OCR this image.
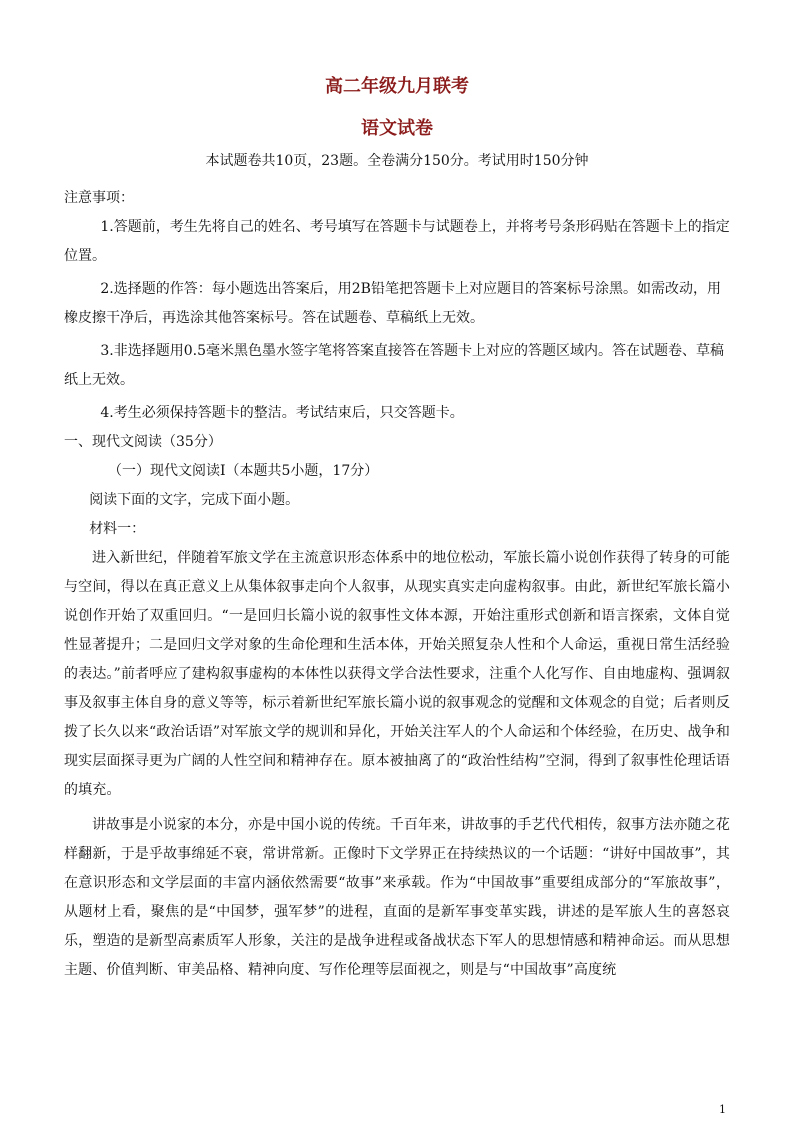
高二年级九月联考
语文试卷
本试题卷共10页，23题。全卷满分150分。考试用时150分钟

注意事项：

1.答题前，考生先将自己的姓名、考号填写在答题卡与试题卷上，并将考号条形码贴在答题卡上的指定位置。

2.选择题的作答：每小题选出答案后，用2B铅笔把答题卡上对应题目的答案标号涂黑。如需改动，用橡皮擦干净后，再选涂其他答案标号。答在试题卷、草稿纸上无效。

3.非选择题用0.5毫米黑色墨水签字笔将答案直接答在答题卡上对应的答题区域内。答在试题卷、草稿纸上无效。

4.考生必须保持答题卡的整洁。考试结束后，只交答题卡。

一、现代文阅读（35分）

（一）现代文阅读Ⅰ（本题共5小题，17分）

阅读下面的文字，完成下面小题。

材料一：

进入新世纪，伴随着军旅文学在主流意识形态体系中的地位松动，军旅长篇小说创作获得了转身的可能与空间，得以在真正意义上从集体叙事走向个人叙事，从现实真实走向虚构叙事。由此，新世纪军旅长篇小说创作开始了双重回归。“一是回归长篇小说的叙事性文体本源，开始注重形式创新和语言探索，文体自觉性显著提升；二是回归文学对象的生命伦理和生活本体，开始关照复杂人性和个人命运，重视日常生活经验的表达。”前者呼应了建构叙事虚构的本体性以获得文学合法性要求，注重个人化写作、自由地虚构、强调叙事及叙事主体自身的意义等等，标示着新世纪军旅长篇小说的叙事观念的觉醒和文体观念的自觉；后者则反拨了长久以来“政治话语”对军旅文学的规训和异化，开始关注军人的个人命运和个体经验，在历史、战争和现实层面探寻更为广阔的人性空间和精神存在。原本被抽离了的“政治性结构”空洞，得到了叙事性伦理话语的填充。

讲故事是小说家的本分，亦是中国小说的传统。千百年来，讲故事的手艺代代相传，叙事方法亦随之花样翻新，于是乎故事绵延不衰，常讲常新。正像时下文学界正在持续热议的一个话题：“讲好中国故事”，其在意识形态和文学层面的丰富内涵依然需要“故事”来承载。作为“中国故事”重要组成部分的“军旅故事”，从题材上看，聚焦的是“中国梦，强军梦”的进程，直面的是新军事变革实践，讲述的是军旅人生的喜怒哀乐，塑造的是新型高素质军人形象，关注的是战争进程或备战状态下军人的思想情感和精神命运。而从思想主题、价值判断、审美品格、精神向度、写作伦理等层面视之，则是与“中国故事”高度统

1
